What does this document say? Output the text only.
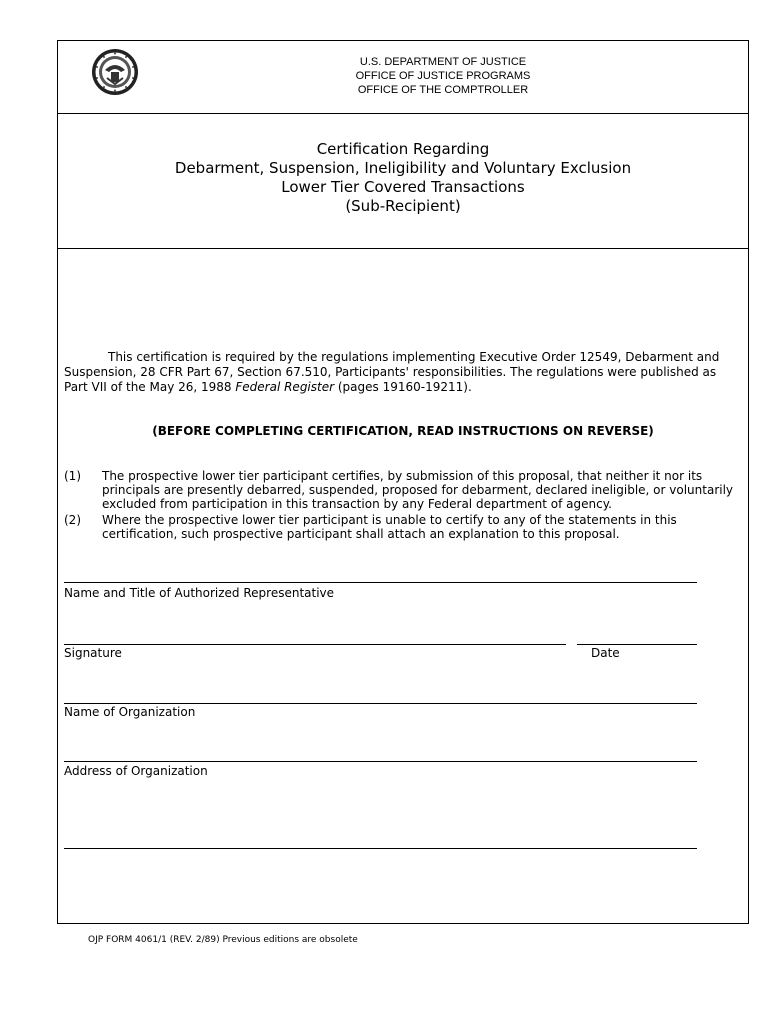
U.S. DEPARTMENT OF JUSTICE
OFFICE OF JUSTICE PROGRAMS
OFFICE OF THE COMPTROLLER
Certification Regarding
Debarment, Suspension, Ineligibility and Voluntary Exclusion
Lower Tier Covered Transactions
(Sub-Recipient)
This certification is required by the regulations implementing Executive Order 12549, Debarment and Suspension, 28 CFR Part 67, Section 67.510, Participants' responsibilities. The regulations were published as Part VII of the May 26, 1988 Federal Register (pages 19160-19211).
(BEFORE COMPLETING CERTIFICATION, READ INSTRUCTIONS ON REVERSE)
(1) The prospective lower tier participant certifies, by submission of this proposal, that neither it nor its principals are presently debarred, suspended, proposed for debarment, declared ineligible, or voluntarily excluded from participation in this transaction by any Federal department of agency.
(2) Where the prospective lower tier participant is unable to certify to any of the statements in this certification, such prospective participant shall attach an explanation to this proposal.
Name and Title of Authorized Representative
Signature	Date
Name of Organization
Address of Organization
OJP FORM 4061/1 (REV. 2/89) Previous editions are obsolete
